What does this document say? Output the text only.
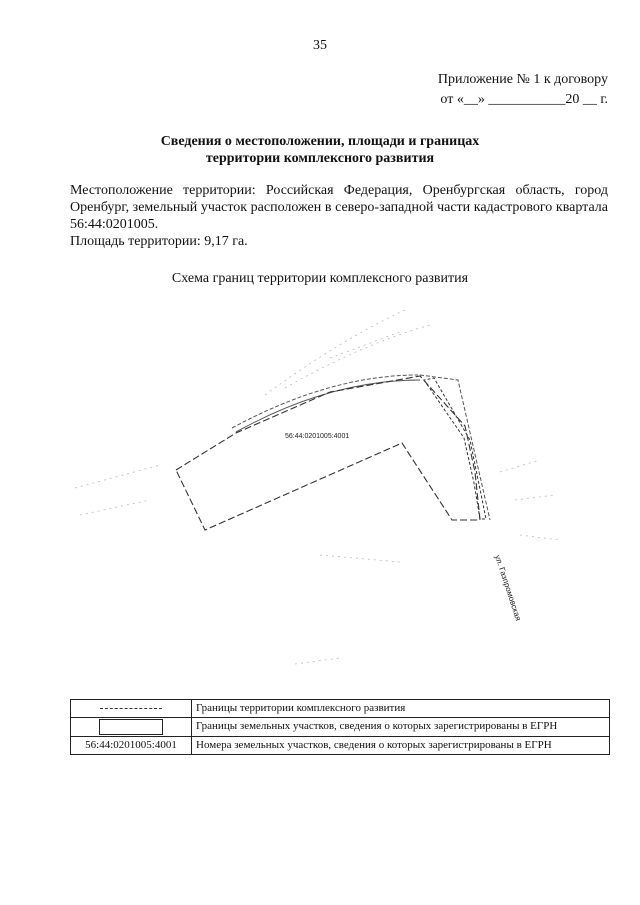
35
Приложение № 1 к договору
от «__» ___________20 __ г.
Сведения о местоположении, площади и границах
территории комплексного развития

Местоположение территории: Российская Федерация, Оренбургская область, город Оренбург, земельный участок расположен в северо-западной части кадастрового квартала 56:44:0201005.

Площадь территории: 9,17 га.

Схема границ территории комплексного развития
56:44:0201005:4001
ул. Газпромовская
	Границы территории комплексного развития
	Границы земельных участков, сведения о которых зарегистрированы в ЕГРН
56:44:0201005:4001	Номера земельных участков, сведения о которых зарегистрированы в ЕГРН
